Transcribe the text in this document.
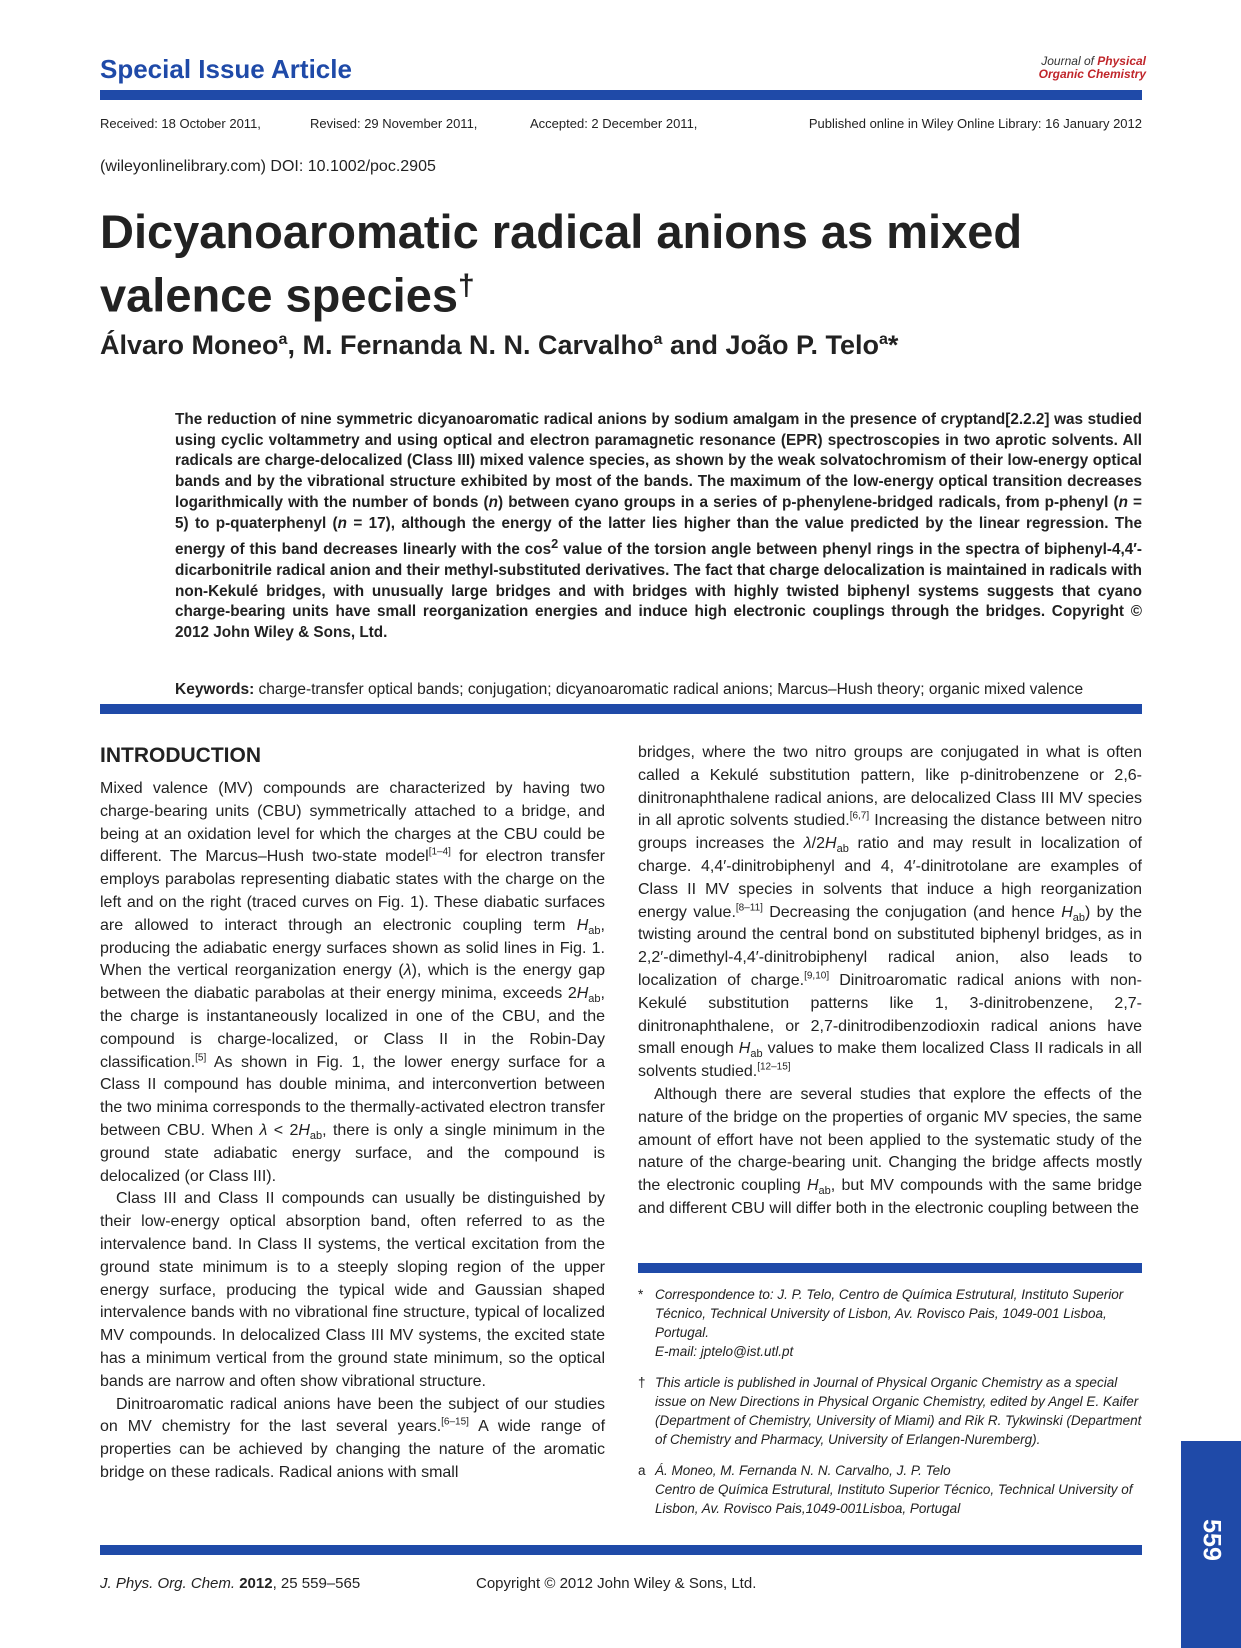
Special Issue Article	Journal of Physical
Organic Chemistry
Received: 18 October 2011,	Revised: 29 November 2011,	Accepted: 2 December 2011,	Published online in Wiley Online Library: 16 January 2012
(wileyonlinelibrary.com) DOI: 10.1002/poc.2905
Dicyanoaromatic radical anions as mixed
valence species†
Álvaro Moneo$^a$, M. Fernanda N. N. Carvalho$^a$ and João P. Telo$^a$*

The reduction of nine symmetric dicyanoaromatic radical anions by sodium amalgam in the presence of cryptand[2.2.2] was studied using cyclic voltammetry and using optical and electron paramagnetic resonance (EPR) spectroscopies in two aprotic solvents. All radicals are charge-delocalized (Class III) mixed valence species, as shown by the weak solvatochromism of their low-energy optical bands and by the vibrational structure exhibited by most of the bands. The maximum of the low-energy optical transition decreases logarithmically with the number of bonds (n) between cyano groups in a series of p-phenylene-bridged radicals, from p-phenyl (n = 5) to p-quaterphenyl (n = 17), although the energy of the latter lies higher than the value predicted by the linear regression. The energy of this band decreases linearly with the $\cos^2$ value of the torsion angle between phenyl rings in the spectra of biphenyl-4,4′-dicarbonitrile radical anion and their methyl-substituted derivatives. The fact that charge delocalization is maintained in radicals with non-Kekulé bridges, with unusually large bridges and with bridges with highly twisted biphenyl systems suggests that cyano charge-bearing units have small reorganization energies and induce high electronic couplings through the bridges. Copyright © 2012 John Wiley & Sons, Ltd.

Keywords: charge-transfer optical bands; conjugation; dicyanoaromatic radical anions; Marcus–Hush theory; organic mixed valence
INTRODUCTION

Mixed valence (MV) compounds are characterized by having two charge-bearing units (CBU) symmetrically attached to a bridge, and being at an oxidation level for which the charges at the CBU could be different. The Marcus–Hush two-state model[1–4] for electron transfer employs parabolas representing diabatic states with the charge on the left and on the right (traced curves on Fig. 1). These diabatic surfaces are allowed to interact through an electronic coupling term $H_{ab}$, producing the adiabatic energy surfaces shown as solid lines in Fig. 1. When the vertical reorganization energy (λ), which is the energy gap between the diabatic parabolas at their energy minima, exceeds $2H_{ab}$, the charge is instantaneously localized in one of the CBU, and the compound is charge-localized, or Class II in the Robin-Day classification.[5] As shown in Fig. 1, the lower energy surface for a Class II compound has double minima, and interconvertion between the two minima corresponds to the thermally-activated electron transfer between CBU. When $\lambda < 2H_{ab}$, there is only a single minimum in the ground state adiabatic energy surface, and the compound is delocalized (or Class III).

Class III and Class II compounds can usually be distinguished by their low-energy optical absorption band, often referred to as the intervalence band. In Class II systems, the vertical excitation from the ground state minimum is to a steeply sloping region of the upper energy surface, producing the typical wide and Gaussian shaped intervalence bands with no vibrational fine structure, typical of localized MV compounds. In delocalized Class III MV systems, the excited state has a minimum vertical from the ground state minimum, so the optical bands are narrow and often show vibrational structure.

Dinitroaromatic radical anions have been the subject of our studies on MV chemistry for the last several years.[6–15] A wide range of properties can be achieved by changing the nature of the aromatic bridge on these radicals. Radical anions with small

bridges, where the two nitro groups are conjugated in what is often called a Kekulé substitution pattern, like p-dinitrobenzene or 2,6-dinitronaphthalene radical anions, are delocalized Class III MV species in all aprotic solvents studied.[6,7] Increasing the distance between nitro groups increases the $\lambda/2H_{ab}$ ratio and may result in localization of charge. 4,4′-dinitrobiphenyl and 4, 4′-dinitrotolane are examples of Class II MV species in solvents that induce a high reorganization energy value.[8–11] Decreasing the conjugation (and hence $H_{ab}$) by the twisting around the central bond on substituted biphenyl bridges, as in 2,2′-dimethyl-4,4′-dinitrobiphenyl radical anion, also leads to localization of charge.[9,10] Dinitroaromatic radical anions with non-Kekulé substitution patterns like 1, 3-dinitrobenzene, 2,7-dinitronaphthalene, or 2,7-dinitrodibenzodioxin radical anions have small enough $H_{ab}$ values to make them localized Class II radicals in all solvents studied.[12–15]

Although there are several studies that explore the effects of the nature of the bridge on the properties of organic MV species, the same amount of effort have not been applied to the systematic study of the nature of the charge-bearing unit. Changing the bridge affects mostly the electronic coupling $H_{ab}$, but MV compounds with the same bridge and different CBU will differ both in the electronic coupling between the

* Correspondence to: J. P. Telo, Centro de Química Estrutural, Instituto Superior Técnico, Technical University of Lisbon, Av. Rovisco Pais, 1049-001 Lisboa, Portugal.
E-mail: jptelo@ist.utl.pt
† This article is published in Journal of Physical Organic Chemistry as a special issue on New Directions in Physical Organic Chemistry, edited by Angel E. Kaifer (Department of Chemistry, University of Miami) and Rik R. Tykwinski (Department of Chemistry and Pharmacy, University of Erlangen-Nuremberg).
a Á. Moneo, M. Fernanda N. N. Carvalho, J. P. Telo
Centro de Química Estrutural, Instituto Superior Técnico, Technical University of Lisbon, Av. Rovisco Pais,1049-001Lisboa, Portugal
559
J. Phys. Org. Chem. 2012, 25 559–565	Copyright © 2012 John Wiley & Sons, Ltd.
